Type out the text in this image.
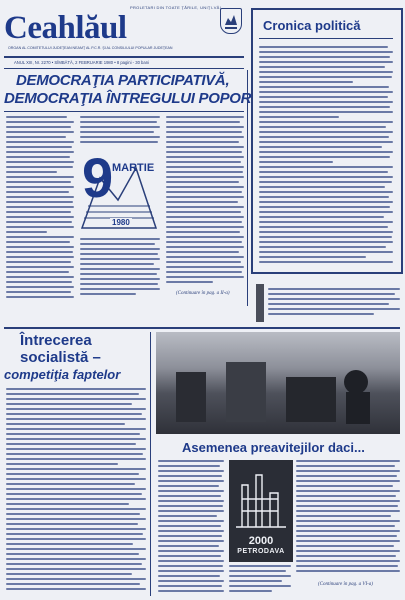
PROLETARI DIN TOATE ŢĂRILE, UNIŢI-VĂ!
Ceahlăul
ORGAN AL COMITETULUI JUDEŢEAN NEAMŢ AL P.C.R. ŞI AL CONSILIULUI POPULAR JUDEŢEAN
ANUL XIII, Nr. 2270 • SÎMBĂTĂ, 2 FEBRUARIE 1980 • 8 pagini - 30 bani
Cronica politică
DEMOCRAŢIA PARTICIPATIVĂ,
DEMOCRAŢIA ÎNTREGULUI POPOR
9
MARTIE
1980
(Continuare în pag. a II-a)
Întrecerea
socialistă –
competiţia faptelor
Asemenea preavitejilor daci...
2000
PETRODAVA
(Continuare în pag. a VI-a)
